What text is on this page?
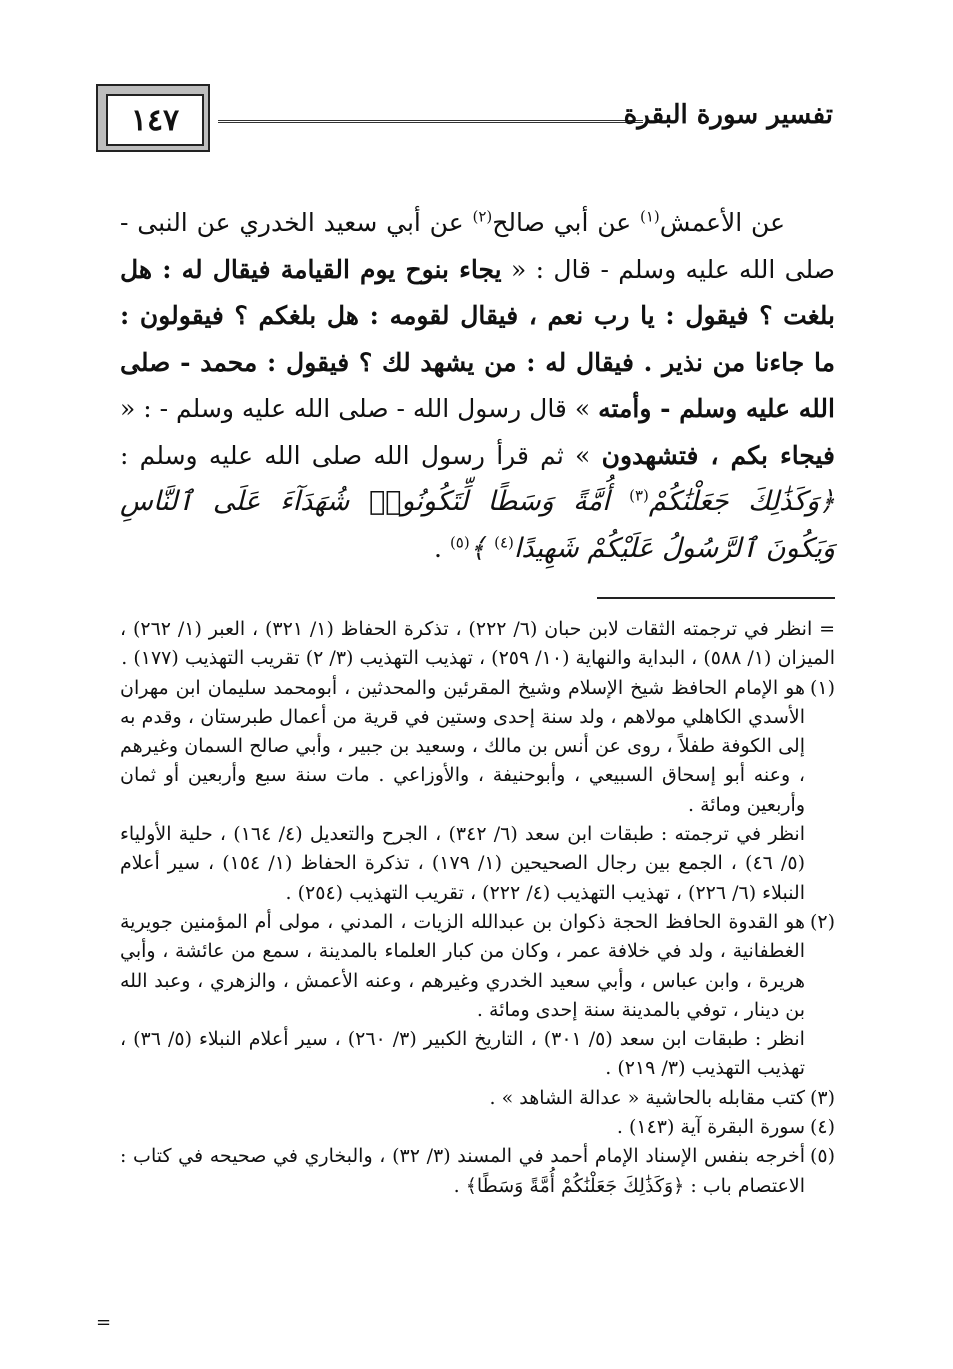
١٤٧	تفسير سورة البقرة

عن الأعمش$^{(١)}$ عن أبي صالح$^{(٢)}$ عن أبي سعيد الخدري عن النبى - صلى الله عليه وسلم - قال : « يجاء بنوح يوم القيامة فيقال له : هل بلغت ؟ فيقول : يا رب نعم ، فيقال لقومه : هل بلغكم ؟ فيقولون : ما جاءنا من نذير . فيقال له : من يشهد لك ؟ فيقول : محمد - صلى الله عليه وسلم - وأمته » قال رسول الله - صلى الله عليه وسلم - : « فيجاء بكم ، فتشهدون » ثم قرأ رسول الله صلى الله عليه وسلم : ﴿وَكَذَٰلِكَ جَعَلْنَٰكُمْ$^{(٣)}$ أُمَّةً وَسَطًا لِّتَكُونُوا۟ شُهَدَآءَ عَلَى ٱلنَّاسِ وَيَكُونَ ٱلرَّسُولُ عَلَيْكُمْ شَهِيدًا$^{(٤)}$ ﴾$^{(٥)}$ .

= انظر في ترجمته الثقات لابن حبان (٦/ ٢٢٢) ، تذكرة الحفاظ (١/ ٣٢١) ، العبر (١/ ٢٦٢) ، الميزان (١/ ٥٨٨) ، البداية والنهاية (١٠/ ٢٥٩) ، تهذيب التهذيب (٣/ ٢) تقريب التهذيب (١٧٧) .

(١)
هو الإمام الحافظ شيخ الإسلام وشيخ المقرئين والمحدثين ، أبومحمد سليمان ابن مهران الأسدي الكاهلي مولاهم ، ولد سنة إحدى وستين في قرية من أعمال طبرستان ، وقدم به إلى الكوفة طفلاً ، روى عن أنس بن مالك ، وسعيد بن جبير ، وأبي صالح السمان وغيرهم ، وعنه أبو إسحاق السبيعي ، وأبوحنيفة ، والأوزاعي . مات سنة سبع وأربعين أو ثمان وأربعين ومائة .
انظر في ترجمته : طبقات ابن سعد (٦/ ٣٤٢) ، الجرح والتعديل (٤/ ١٦٤) ، حلية الأولياء (٥/ ٤٦) ، الجمع بين رجال الصحيحين (١/ ١٧٩) ، تذكرة الحفاظ (١/ ١٥٤) ، سير أعلام النبلاء (٦/ ٢٢٦) ، تهذيب التهذيب (٤/ ٢٢٢) ، تقريب التهذيب (٢٥٤) .
(٢)
هو القدوة الحافظ الحجة ذكوان بن عبدالله الزيات ، المدني ، مولى أم المؤمنين جويرية الغطفانية ، ولد في خلافة عمر ، وكان من كبار العلماء بالمدينة ، سمع من عائشة ، وأبي هريرة ، وابن عباس ، وأبي سعيد الخدري وغيرهم ، وعنه الأعمش ، والزهري ، وعبد الله بن دينار ، توفي بالمدينة سنة إحدى ومائة .
انظر : طبقات ابن سعد (٥/ ٣٠١) ، التاريخ الكبير (٣/ ٢٦٠) ، سير أعلام النبلاء (٥/ ٣٦) ، تهذيب التهذيب (٣/ ٢١٩) .
(٣)
كتب مقابله بالحاشية « عدالة الشاهد » .
(٤)
سورة البقرة آية (١٤٣) .
(٥)
أخرجه بنفس الإسناد الإمام أحمد في المسند (٣/ ٣٢) ، والبخاري في صحيحه في كتاب : الاعتصام باب : ﴿وَكَذَٰلِكَ جَعَلْنَٰكُمْ أُمَّةً وَسَطًا﴾ .
=
